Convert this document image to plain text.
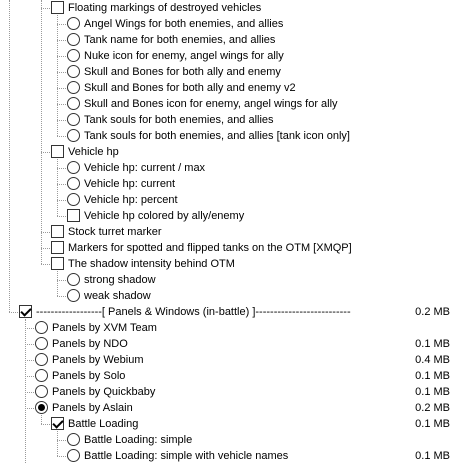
Floating markings of destroyed vehicles
Angel Wings for both enemies, and allies
Tank name for both enemies, and allies
Nuke icon for enemy, angel wings for ally
Skull and Bones for both ally and enemy
Skull and Bones for both ally and enemy v2
Skull and Bones icon for enemy, angel wings for ally
Tank souls for both enemies, and allies
Tank souls for both enemies, and allies [tank icon only]
Vehicle hp
Vehicle hp: current / max
Vehicle hp: current
Vehicle hp: percent
Vehicle hp colored by ally/enemy
Stock turret marker
Markers for spotted and flipped tanks on the OTM [XMQP]
The shadow intensity behind OTM
strong shadow
weak shadow
------------------[ Panels & Windows (in-battle) ]--------------------------	0.2 MB
Panels by XVM Team
Panels by NDO	0.1 MB
Panels by Webium	0.4 MB
Panels by Solo	0.1 MB
Panels by Quickbaby	0.1 MB
Panels by Aslain	0.2 MB
Battle Loading	0.1 MB
Battle Loading: simple
Battle Loading: simple with vehicle names	0.1 MB
